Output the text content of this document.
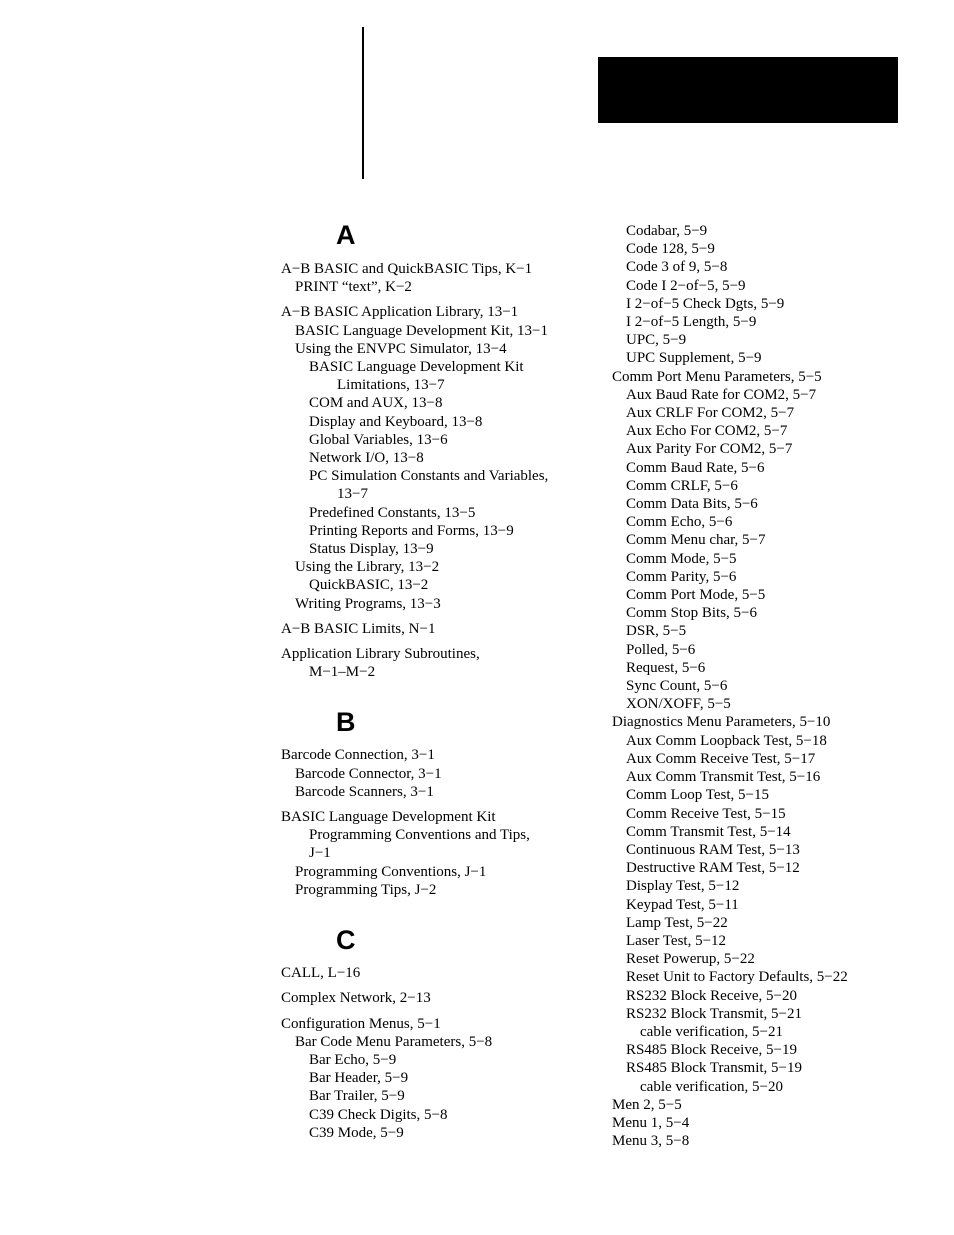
A
A−B BASIC and QuickBASIC Tips, K−1
PRINT “text”, K−2
A−B BASIC Application Library, 13−1
BASIC Language Development Kit, 13−1
Using the ENVPC Simulator, 13−4
BASIC Language Development Kit
Limitations, 13−7
COM and AUX, 13−8
Display and Keyboard, 13−8
Global Variables, 13−6
Network I/O, 13−8
PC Simulation Constants and Variables,
13−7
Predefined Constants, 13−5
Printing Reports and Forms, 13−9
Status Display, 13−9
Using the Library, 13−2
QuickBASIC, 13−2
Writing Programs, 13−3
A−B BASIC Limits, N−1
Application Library Subroutines,
M−1–M−2
B
Barcode Connection, 3−1
Barcode Connector, 3−1
Barcode Scanners, 3−1
BASIC Language Development Kit
Programming Conventions and Tips,
J−1
Programming Conventions, J−1
Programming Tips, J−2
C
CALL, L−16
Complex Network, 2−13
Configuration Menus, 5−1
Bar Code Menu Parameters, 5−8
Bar Echo, 5−9
Bar Header, 5−9
Bar Trailer, 5−9
C39 Check Digits, 5−8
C39 Mode, 5−9
Codabar, 5−9
Code 128, 5−9
Code 3 of 9, 5−8
Code I 2−of−5, 5−9
I 2−of−5 Check Dgts, 5−9
I 2−of−5 Length, 5−9
UPC, 5−9
UPC Supplement, 5−9
Comm Port Menu Parameters, 5−5
Aux Baud Rate for COM2, 5−7
Aux CRLF For COM2, 5−7
Aux Echo For COM2, 5−7
Aux Parity For COM2, 5−7
Comm Baud Rate, 5−6
Comm CRLF, 5−6
Comm Data Bits, 5−6
Comm Echo, 5−6
Comm Menu char, 5−7
Comm Mode, 5−5
Comm Parity, 5−6
Comm Port Mode, 5−5
Comm Stop Bits, 5−6
DSR, 5−5
Polled, 5−6
Request, 5−6
Sync Count, 5−6
XON/XOFF, 5−5
Diagnostics Menu Parameters, 5−10
Aux Comm Loopback Test, 5−18
Aux Comm Receive Test, 5−17
Aux Comm Transmit Test, 5−16
Comm Loop Test, 5−15
Comm Receive Test, 5−15
Comm Transmit Test, 5−14
Continuous RAM Test, 5−13
Destructive RAM Test, 5−12
Display Test, 5−12
Keypad Test, 5−11
Lamp Test, 5−22
Laser Test, 5−12
Reset Powerup, 5−22
Reset Unit to Factory Defaults, 5−22
RS232 Block Receive, 5−20
RS232 Block Transmit, 5−21
cable verification, 5−21
RS485 Block Receive, 5−19
RS485 Block Transmit, 5−19
cable verification, 5−20
Men 2, 5−5
Menu 1, 5−4
Menu 3, 5−8
